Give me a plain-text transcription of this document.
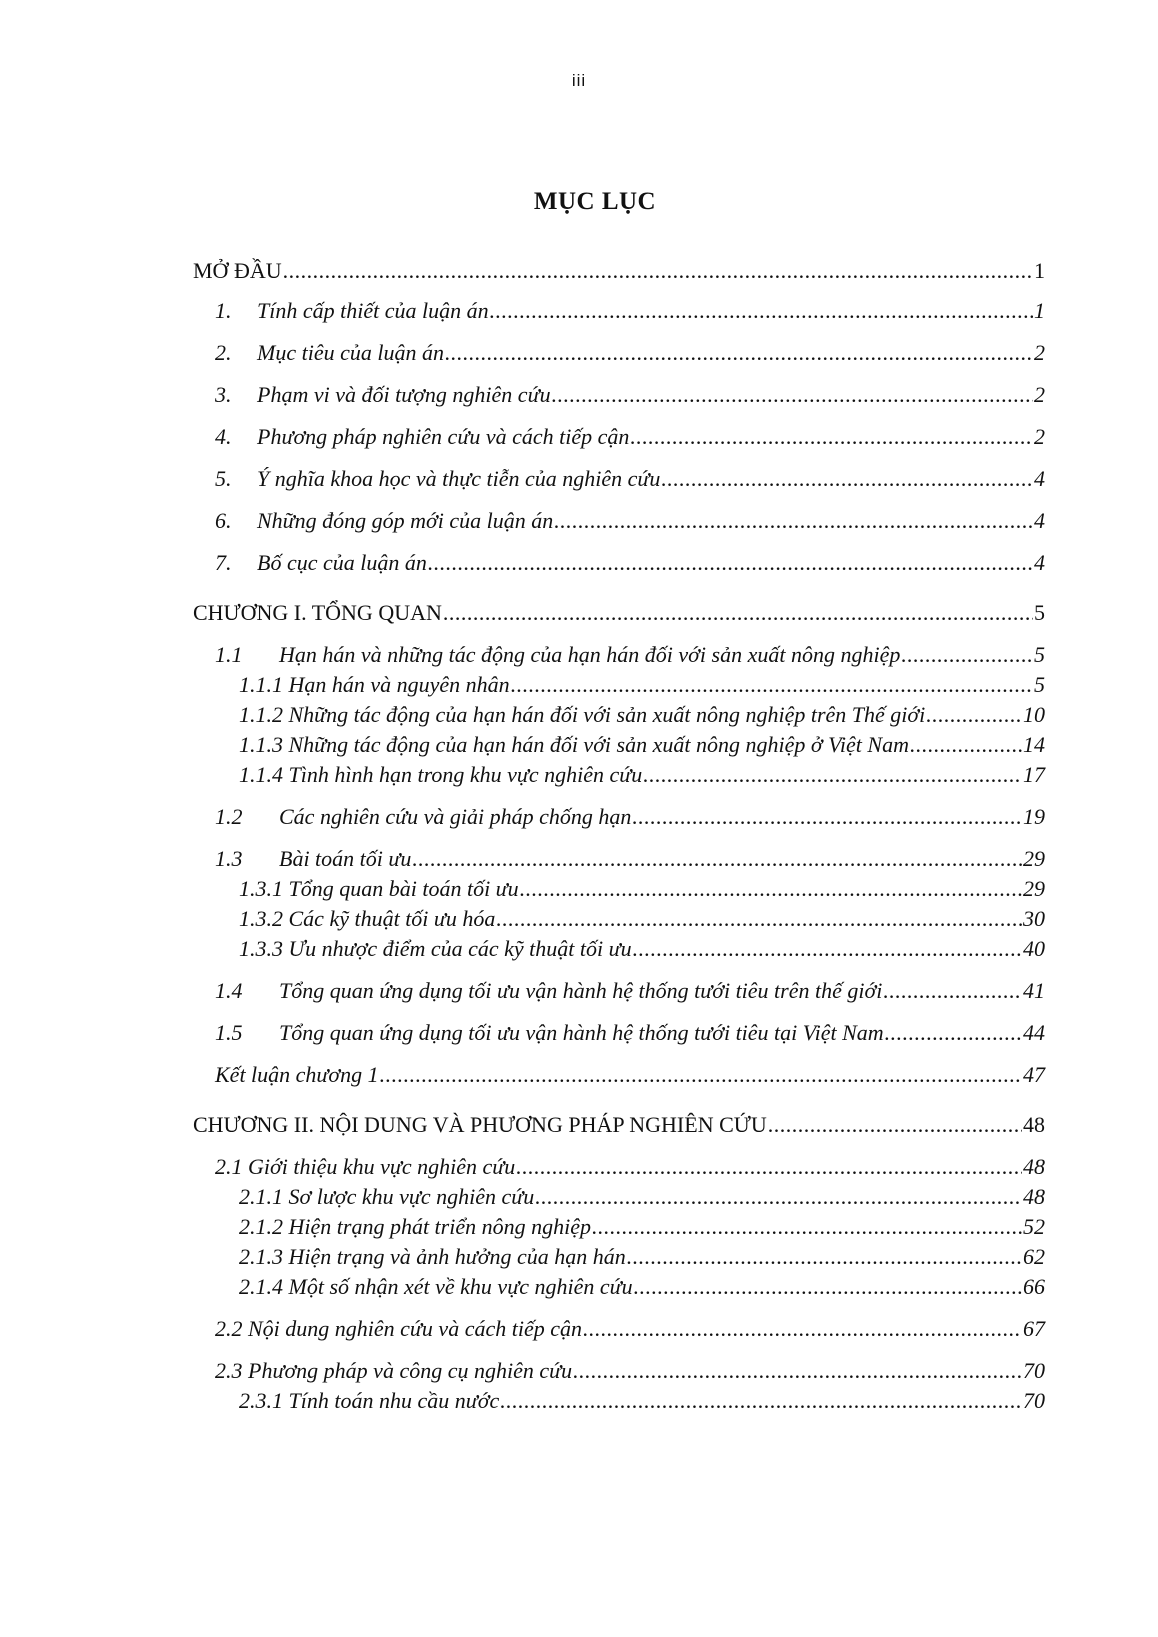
iii
MỤC LỤC
MỞ ĐẦU .....	1
1.	Tính cấp thiết của luận án .....	1
2.	Mục tiêu của luận án .....	2
3.	Phạm vi và đối tượng nghiên cứu .....	2
4.	Phương pháp nghiên cứu và cách tiếp cận .....	2
5.	Ý nghĩa khoa học và thực tiễn của nghiên cứu .....	4
6.	Những đóng góp mới của luận án .....	4
7.	Bố cục của luận án .....	4
CHƯƠNG I. TỔNG QUAN .....	5
1.1	Hạn hán và những tác động của hạn hán đối với sản xuất nông nghiệp .....	5
1.1.1 Hạn hán và nguyên nhân .....	5
1.1.2 Những tác động của hạn hán đối với sản xuất nông nghiệp trên Thế giới .....	10
1.1.3 Những tác động của hạn hán đối với sản xuất nông nghiệp ở Việt Nam .....	14
1.1.4 Tình hình hạn trong khu vực nghiên cứu .....	17
1.2	Các nghiên cứu và giải pháp chống hạn .....	19
1.3	Bài toán tối ưu .....	29
1.3.1 Tổng quan bài toán tối ưu .....	29
1.3.2 Các kỹ thuật tối ưu hóa .....	30
1.3.3 Ưu nhược điểm của các kỹ thuật tối ưu .....	40
1.4	Tổng quan ứng dụng tối ưu vận hành hệ thống tưới tiêu trên thế giới .....	41
1.5	Tổng quan ứng dụng tối ưu vận hành hệ thống tưới tiêu tại Việt Nam .....	44
Kết luận chương 1 .....	47
CHƯƠNG II. NỘI DUNG VÀ PHƯƠNG PHÁP NGHIÊN CỨU .....	48
2.1 Giới thiệu khu vực nghiên cứu .....	48
2.1.1 Sơ lược khu vực nghiên cứu .....	48
2.1.2 Hiện trạng phát triển nông nghiệp .....	52
2.1.3 Hiện trạng và ảnh hưởng của hạn hán .....	62
2.1.4 Một số nhận xét về khu vực nghiên cứu .....	66
2.2 Nội dung nghiên cứu và cách tiếp cận .....	67
2.3 Phương pháp và công cụ nghiên cứu .....	70
2.3.1 Tính toán nhu cầu nước .....	70
